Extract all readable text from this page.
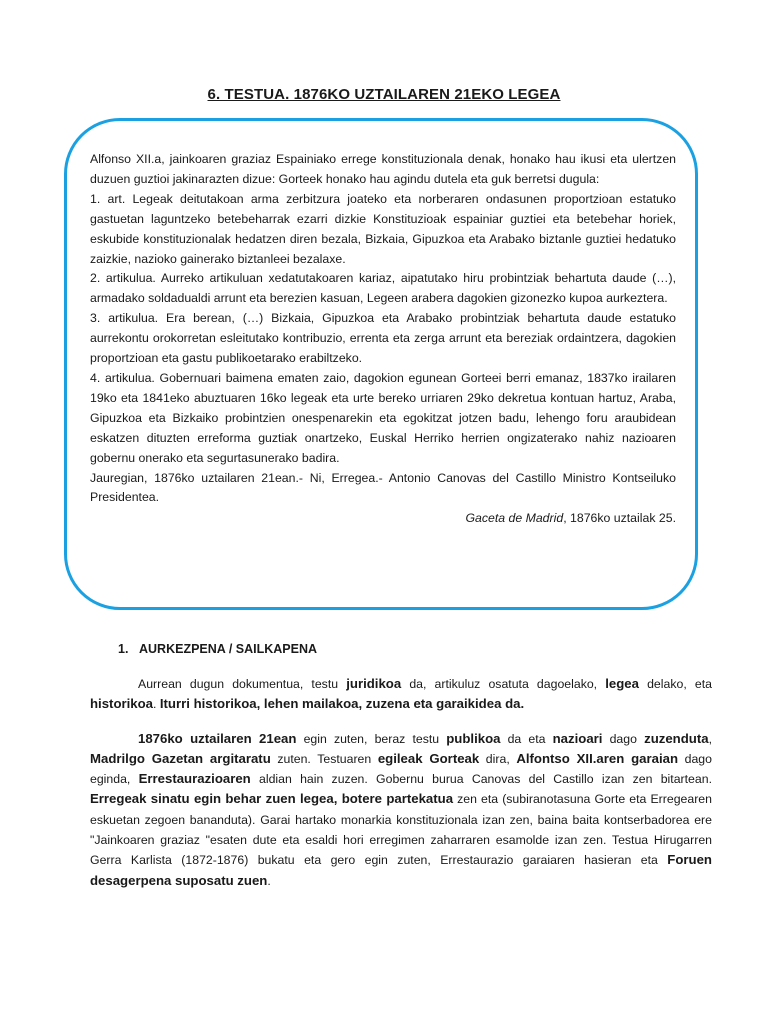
6. TESTUA. 1876KO UZTAILAREN 21EKO LEGEA

Alfonso XII.a, jainkoaren graziaz Espainiako errege konstituzionala denak, honako hau ikusi eta ulertzen duzuen guztioi jakinarazten dizue: Gorteek honako hau agindu dutela eta guk berretsi dugula:

1. art. Legeak deitutakoan arma zerbitzura joateko eta norberaren ondasunen proportzioan estatuko gastuetan laguntzeko betebeharrak ezarri dizkie Konstituzioak espainiar guztiei eta betebehar horiek, eskubide konstituzionalak hedatzen diren bezala, Bizkaia, Gipuzkoa eta Arabako biztanle guztiei hedatuko zaizkie, nazioko gainerako biztanleei bezalaxe.

2. artikulua. Aurreko artikuluan xedatutakoaren kariaz, aipatutako hiru probintziak behartuta daude (…), armadako soldadualdi arrunt eta berezien kasuan, Legeen arabera dagokien gizonezko kupoa aurkeztera.

3. artikulua. Era berean, (…) Bizkaia, Gipuzkoa eta Arabako probintziak behartuta daude estatuko aurrekontu orokorretan esleitutako kontribuzio, errenta eta zerga arrunt eta bereziak ordaintzera, dagokien proportzioan eta gastu publikoetarako erabiltzeko.

4. artikulua. Gobernuari baimena ematen zaio, dagokion egunean Gorteei berri emanaz, 1837ko irailaren 19ko eta 1841eko abuztuaren 16ko legeak eta urte bereko urriaren 29ko dekretua kontuan hartuz, Araba, Gipuzkoa eta Bizkaiko probintzien onespenarekin eta egokitzat jotzen badu, lehengo foru araubidean eskatzen dituzten erreforma guztiak onartzeko, Euskal Herriko herrien ongizaterako nahiz nazioaren gobernu onerako eta segurtasunerako badira.

Jauregian, 1876ko uztailaren 21ean.- Ni, Erregea.- Antonio Canovas del Castillo Ministro Kontseiluko Presidentea.

Gaceta de Madrid, 1876ko uztailak 25.

1. AURKEZPENA / SAILKAPENA

Aurrean dugun dokumentua, testu juridikoa da, artikuluz osatuta dagoelako, legea delako, eta historikoa. Iturri historikoa, lehen mailakoa, zuzena eta garaikidea da.

1876ko uztailaren 21ean egin zuten, beraz testu publikoa da eta nazioari dago zuzenduta, Madrilgo Gazetan argitaratu zuten. Testuaren egileak Gorteak dira, Alfontso XII.aren garaian dago egindа, Errestaurazioaren aldian hain zuzen. Gobernu burua Canovas del Castillo izan zen bitartean. Erregeak sinatu egin behar zuen legea, botere partekatua zen eta (subiranotasuna Gorte eta Erregearen eskuetan zegoen bananduta). Garai hartako monarkia konstituzionala izan zen, baina baita kontserbadorea ere "Jainkoaren graziaz "esaten dute eta esaldi hori erregimen zaharraren esamolde izan zen. Testua Hirugarren Gerra Karlista (1872-1876) bukatu eta gero egin zuten, Errestaurazio garaiaren hasieran eta Foruen desagerpena suposatu zuen.
